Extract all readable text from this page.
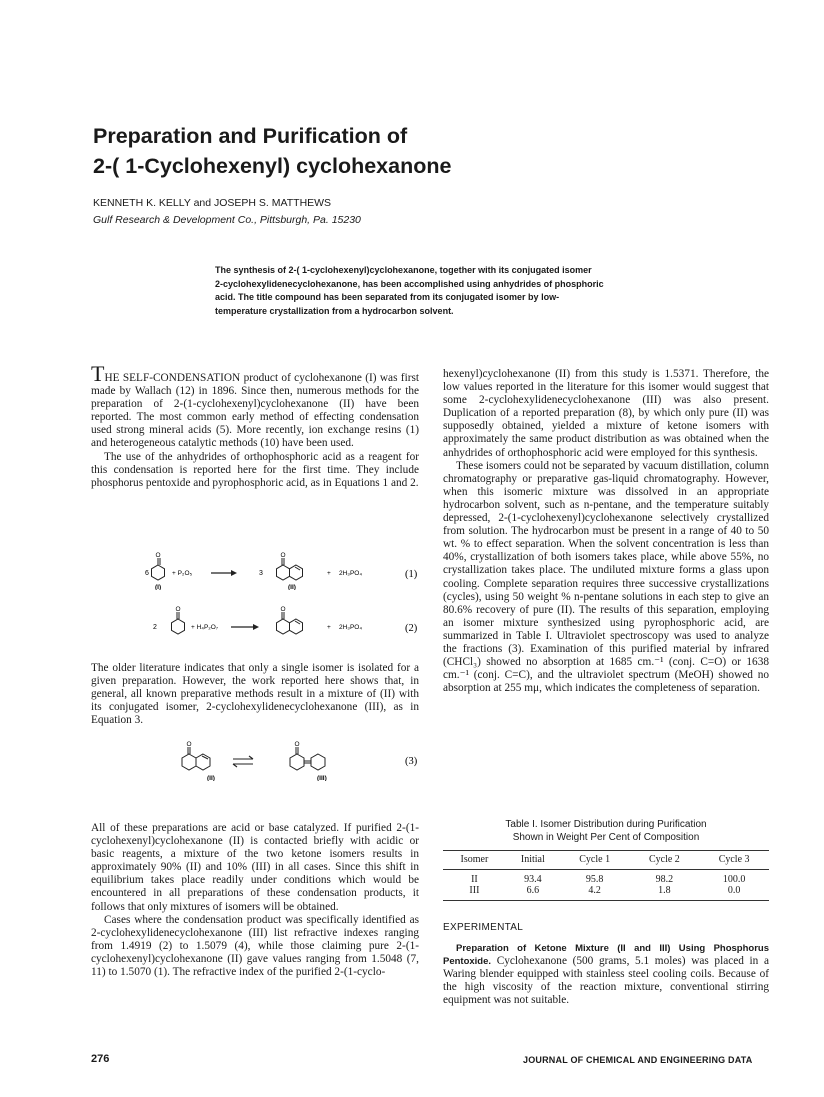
Preparation and Purification of
2-( 1-Cyclohexenyl) cyclohexanone
KENNETH K. KELLY and JOSEPH S. MATTHEWS
Gulf Research & Development Co., Pittsburgh, Pa. 15230
The synthesis of 2-( 1-cyclohexenyl)cyclohexanone, together with its conjugated isomer
2-cyclohexylidenecyclohexanone, has been accomplished using anhydrides of phosphoric
acid. The title compound has been separated from its conjugated isomer by low-
temperature crystallization from a hydrocarbon solvent.

THE SELF-CONDENSATION product of cyclohexanone (I) was first made by Wallach (12) in 1896. Since then, numerous methods for the preparation of 2-(1-cyclohexenyl)cyclohexanone (II) have been reported. The most common early method of effecting condensation used strong mineral acids (5). More recently, ion exchange resins (1) and heterogeneous catalytic methods (10) have been used.

The use of the anhydrides of orthophosphoric acid as a reagent for this condensation is reported here for the first time. They include phosphorus pentoxide and pyrophosphoric acid, as in Equations 1 and 2.

O	O
6	+ P₂O₅	3	+ 2H₃PO₄
(I)	(II)
(1)
O	O
2	+ H₄P₂O₇	+ 2H₃PO₄	(2)

The older literature indicates that only a single isomer is isolated for a given preparation. However, the work reported here shows that, in general, all known preparative methods result in a mixture of (II) with its conjugated isomer, 2-cyclohexylidenecyclohexanone (III), as in Equation 3.

O	O
(II)	(III)
(3)

All of these preparations are acid or base catalyzed. If purified 2-(1-cyclohexenyl)cyclohexanone (II) is contacted briefly with acidic or basic reagents, a mixture of the two ketone isomers results in approximately 90% (II) and 10% (III) in all cases. Since this shift in equilibrium takes place readily under conditions which would be encountered in all preparations of these condensation products, it follows that only mixtures of isomers will be obtained.

Cases where the condensation product was specifically identified as 2-cyclohexylidenecyclohexanone (III) list refractive indexes ranging from 1.4919 (2) to 1.5079 (4), while those claiming pure 2-(1-cyclohexenyl)cyclohexanone (II) gave values ranging from 1.5048 (7, 11) to 1.5070 (1). The refractive index of the purified 2-(1-cyclo-

hexenyl)cyclohexanone (II) from this study is 1.5371. Therefore, the low values reported in the literature for this isomer would suggest that some 2-cyclohexylidenecyclohexanone (III) was also present. Duplication of a reported preparation (8), by which only pure (II) was supposedly obtained, yielded a mixture of ketone isomers with approximately the same product distribution as was obtained when the anhydrides of orthophosphoric acid were employed for this synthesis.

These isomers could not be separated by vacuum distillation, column chromatography or preparative gas-liquid chromatography. However, when this isomeric mixture was dissolved in an appropriate hydrocarbon solvent, such as n-pentane, and the temperature suitably depressed, 2-(1-cyclohexenyl)cyclohexanone selectively crystallized from solution. The hydrocarbon must be present in a range of 40 to 50 wt. % to effect separation. When the solvent concentration is less than 40%, crystallization of both isomers takes place, while above 55%, no crystallization takes place. The undiluted mixture forms a glass upon cooling. Complete separation requires three successive crystallizations (cycles), using 50 weight % n-pentane solutions in each step to give an 80.6% recovery of pure (II). The results of this separation, employing an isomer mixture synthesized using pyrophosphoric acid, are summarized in Table I. Ultraviolet spectroscopy was used to analyze the fractions (3). Examination of this purified material by infrared (CHCl₃) showed no absorption at 1685 cm.⁻¹ (conj. C=O) or 1638 cm.⁻¹ (conj. C=C), and the ultraviolet spectrum (MeOH) showed no absorption at 255 mμ, which indicates the completeness of separation.

Table I. Isomer Distribution during Purification
Shown in Weight Per Cent of Composition
Isomer	Initial	Cycle 1	Cycle 2	Cycle 3
II	93.4	95.8	98.2	100.0
III	6.6	4.2	1.8	0.0
EXPERIMENTAL

Preparation of Ketone Mixture (II and III) Using Phosphorus Pentoxide. Cyclohexanone (500 grams, 5.1 moles) was placed in a Waring blender equipped with stainless steel cooling coils. Because of the high viscosity of the reaction mixture, conventional stirring equipment was not suitable.

276	JOURNAL OF CHEMICAL AND ENGINEERING DATA
